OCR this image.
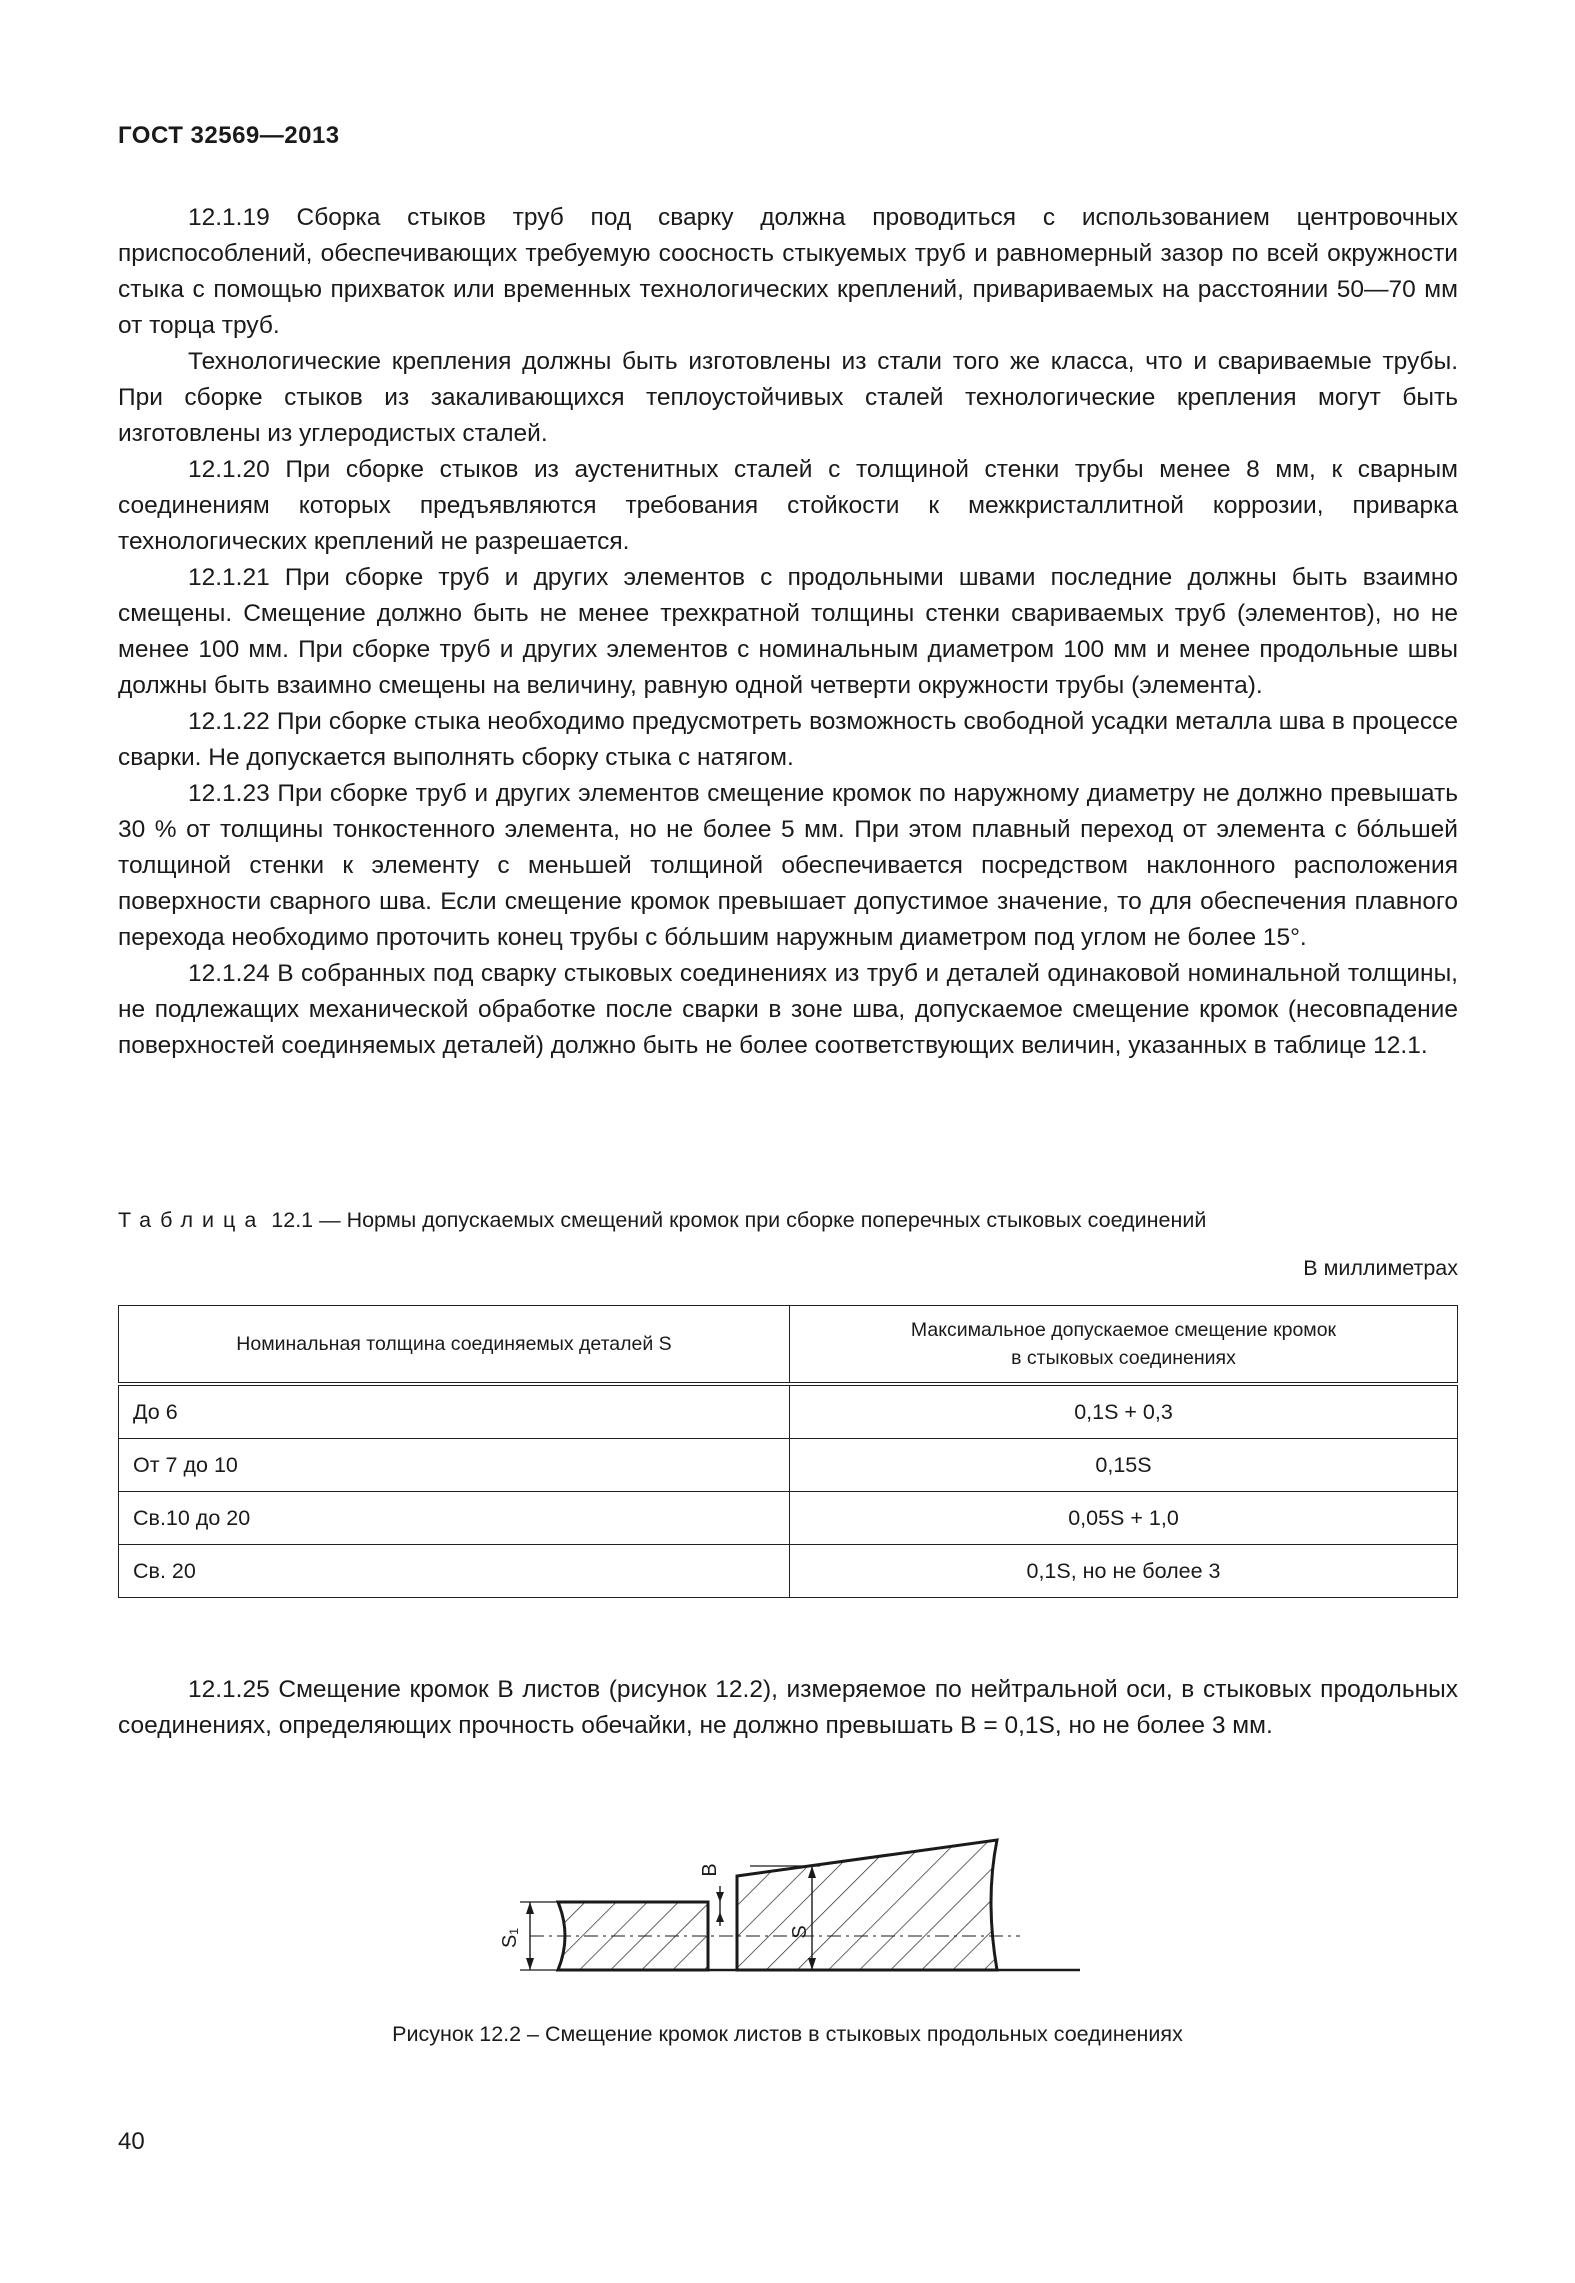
ГОСТ 32569—2013

12.1.19 Сборка стыков труб под сварку должна проводиться с использованием центровочных приспособлений, обеспечивающих требуемую соосность стыкуемых труб и равномерный зазор по всей окружности стыка с помощью прихваток или временных технологических креплений, привариваемых на расстоянии 50—70 мм от торца труб.

Технологические крепления должны быть изготовлены из стали того же класса, что и свариваемые трубы. При сборке стыков из закаливающихся теплоустойчивых сталей технологические крепления могут быть изготовлены из углеродистых сталей.

12.1.20 При сборке стыков из аустенитных сталей с толщиной стенки трубы менее 8 мм, к сварным соединениям которых предъявляются требования стойкости к межкристаллитной коррозии, приварка технологических креплений не разрешается.

12.1.21 При сборке труб и других элементов с продольными швами последние должны быть взаимно смещены. Смещение должно быть не менее трехкратной толщины стенки свариваемых труб (элементов), но не менее 100 мм. При сборке труб и других элементов с номинальным диаметром 100 мм и менее продольные швы должны быть взаимно смещены на величину, равную одной четверти окружности трубы (элемента).

12.1.22 При сборке стыка необходимо предусмотреть возможность свободной усадки металла шва в процессе сварки. Не допускается выполнять сборку стыка с натягом.

12.1.23 При сборке труб и других элементов смещение кромок по наружному диаметру не должно превышать 30 % от толщины тонкостенного элемента, но не более 5 мм. При этом плавный переход от элемента с бо́льшей толщиной стенки к элементу с меньшей толщиной обеспечивается посредством наклонного расположения поверхности сварного шва. Если смещение кромок превышает допустимое значение, то для обеспечения плавного перехода необходимо проточить конец трубы с бо́льшим наружным диаметром под углом не более 15°.

12.1.24 В собранных под сварку стыковых соединениях из труб и деталей одинаковой номинальной толщины, не подлежащих механической обработке после сварки в зоне шва, допускаемое смещение кромок (несовпадение поверхностей соединяемых деталей) должно быть не более соответствующих величин, указанных в таблице 12.1.

Таблица 12.1 — Нормы допускаемых смещений кромок при сборке поперечных стыковых соединений
В миллиметрах
Номинальная толщина соединяемых деталей S	Максимальное допускаемое смещение кромок
в стыковых соединениях
До 6	0,1S + 0,3
От 7 до 10	0,15S
Св.10 до 20	0,05S + 1,0
Св. 20	0,1S, но не более 3

12.1.25 Смещение кромок B листов (рисунок 12.2), измеряемое по нейтральной оси, в стыковых продольных соединениях, определяющих прочность обечайки, не должно превышать B = 0,1S, но не более 3 мм.

S₁
B
S
Рисунок 12.2 – Смещение кромок листов в стыковых продольных соединениях
40
